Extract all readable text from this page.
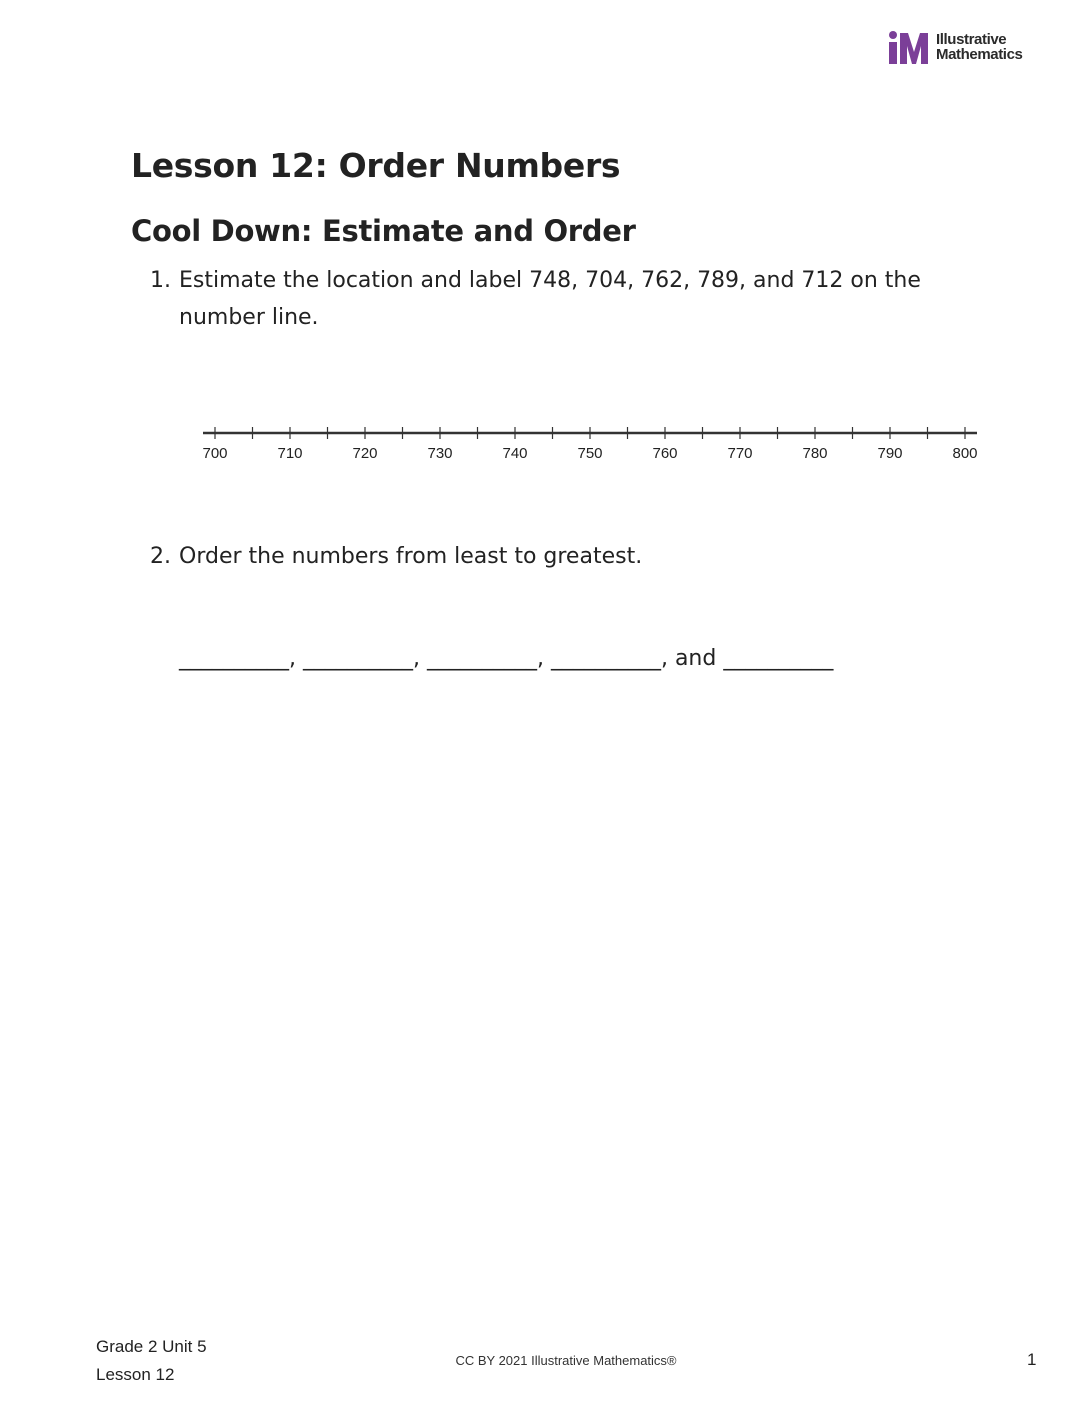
Illustrative
Mathematics
Lesson 12: Order Numbers
Cool Down: Estimate and Order
1. Estimate the location and label 748, 704, 762, 789, and 712 on the number line.
700	710	720	730	740	750	760	770	780	790	800
2. Order the numbers from least to greatest.
__________, __________, __________, __________, and __________
Grade 2 Unit 5
Lesson 12
CC BY 2021 Illustrative Mathematics®	1
